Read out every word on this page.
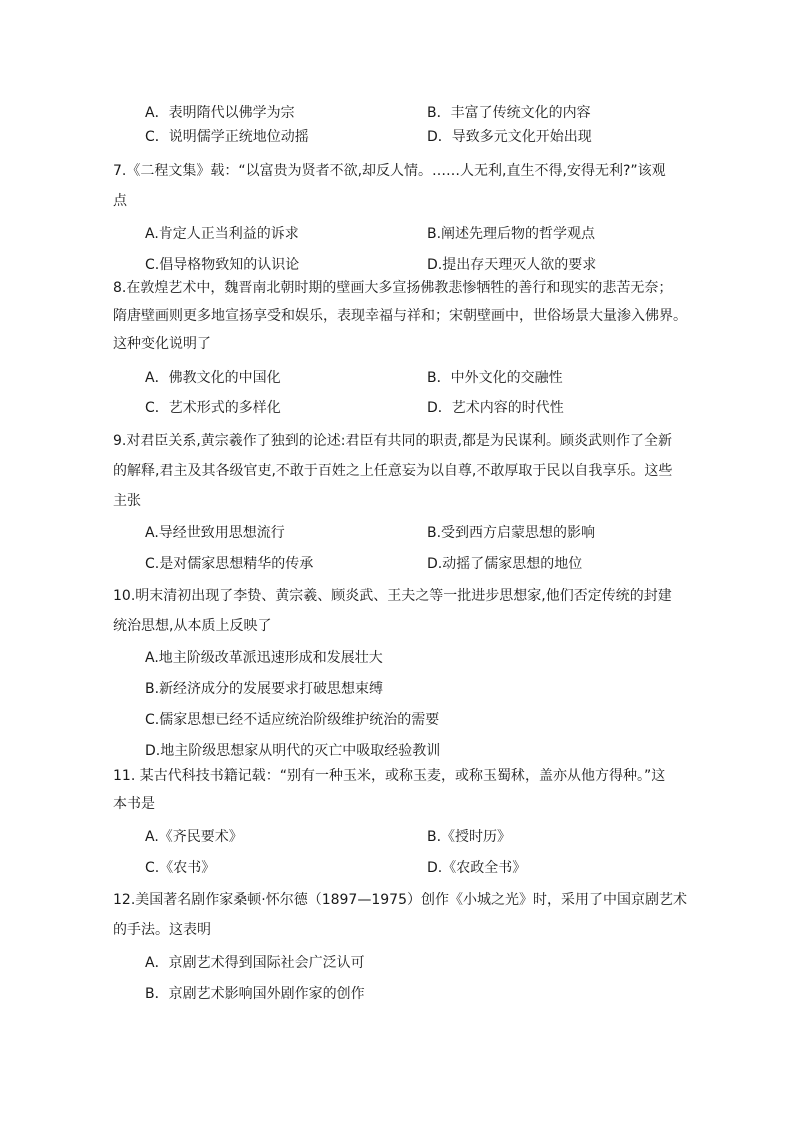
A．表明隋代以佛学为宗	B．丰富了传统文化的内容
C．说明儒学正统地位动摇	D．导致多元文化开始出现
7.《二程文集》载：“以富贵为贤者不欲,却反人情。……人无利,直生不得,安得无利?”该观
点
A.肯定人正当利益的诉求	B.阐述先理后物的哲学观点
C.倡导格物致知的认识论	D.提出存天理灭人欲的要求
8.在敦煌艺术中，魏晋南北朝时期的壁画大多宣扬佛教悲惨牺牲的善行和现实的悲苦无奈；
隋唐壁画则更多地宣扬享受和娱乐，表现幸福与祥和；宋朝壁画中，世俗场景大量渗入佛界。
这种变化说明了
A．佛教文化的中国化	B．中外文化的交融性
C．艺术形式的多样化	D．艺术内容的时代性
9.对君臣关系,黄宗羲作了独到的论述:君臣有共同的职责,都是为民谋利。顾炎武则作了全新
的解释,君主及其各级官吏,不敢于百姓之上任意妄为以自尊,不敢厚取于民以自我享乐。这些
主张
A.导经世致用思想流行	B.受到西方启蒙思想的影响
C.是对儒家思想精华的传承	D.动摇了儒家思想的地位
10.明末清初出现了李贽、黄宗羲、顾炎武、王夫之等一批进步思想家,他们否定传统的封建
统治思想,从本质上反映了
A.地主阶级改革派迅速形成和发展壮大
B.新经济成分的发展要求打破思想束缚
C.儒家思想已经不适应统治阶级维护统治的需要
D.地主阶级思想家从明代的灭亡中吸取经验教训
11. 某古代科技书籍记载：“别有一种玉米，或称玉麦，或称玉蜀秫，盖亦从他方得种。”这
本书是
A.《齐民要术》	B.《授时历》
C.《农书》	D.《农政全书》
12.美国著名剧作家桑顿·怀尔德（1897—1975）创作《小城之光》时，采用了中国京剧艺术
的手法。这表明
A．京剧艺术得到国际社会广泛认可
B．京剧艺术影响国外剧作家的创作
